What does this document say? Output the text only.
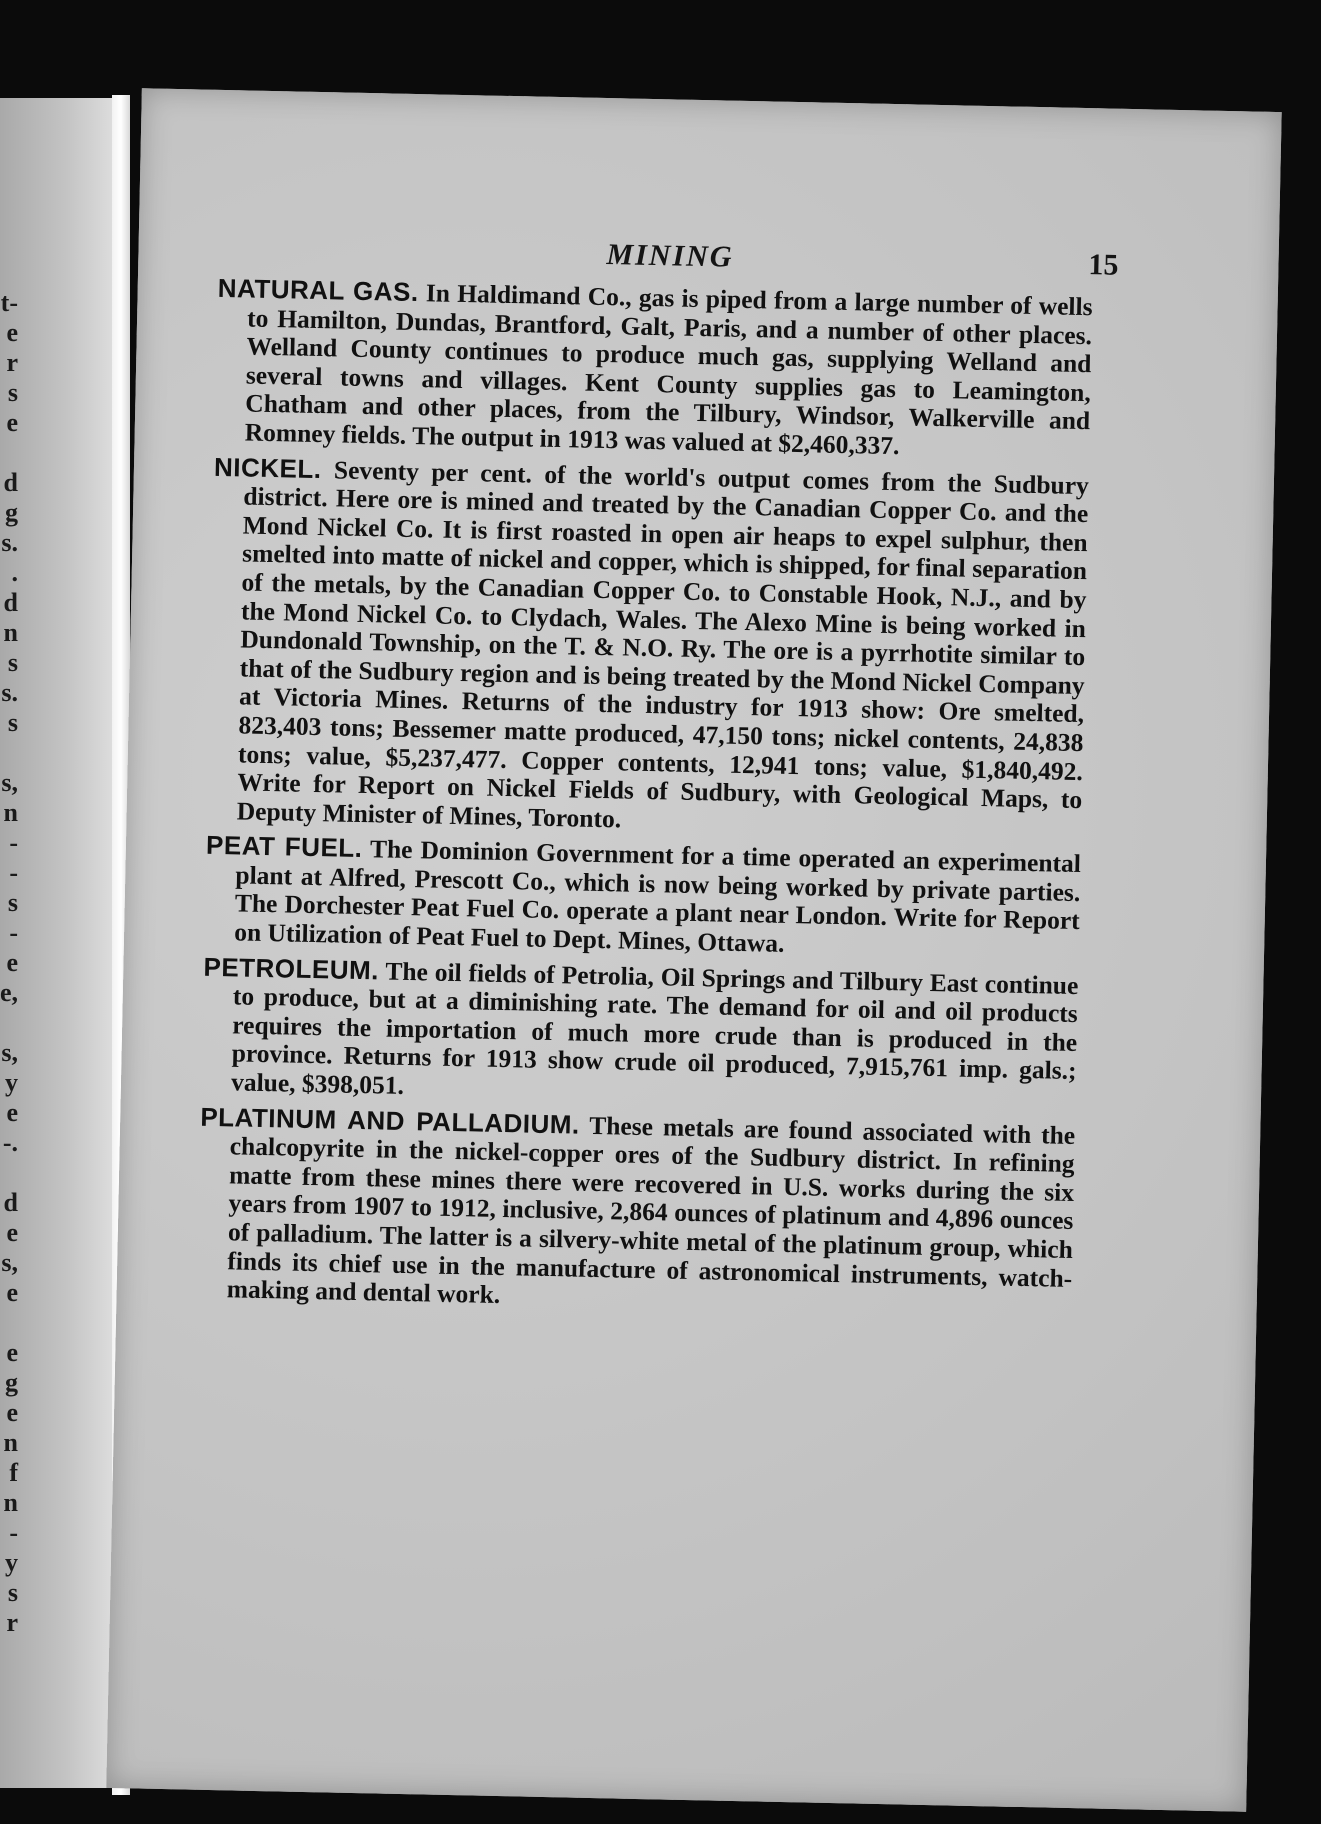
t-
e
r
s
e
d
g
s.
.
d
n
s
s.
s
s,
n
-
-
s
-
e
e,
s,
y
e
-.
d
e
s,
e
e
g
e
n
f
n
-
y
s
r
MINING	15

NATURAL GAS. In Haldimand Co., gas is piped from a large number of wells to Hamilton, Dundas, Brantford, Galt, Paris, and a number of other places. Welland County continues to produce much gas, supplying Welland and several towns and villages. Kent County supplies gas to Leamington, Chatham and other places, from the Tilbury, Windsor, Walkerville and Romney fields. The output in 1913 was valued at $2,460,337.

NICKEL. Seventy per cent. of the world's output comes from the Sudbury district. Here ore is mined and treated by the Canadian Copper Co. and the Mond Nickel Co. It is first roasted in open air heaps to expel sulphur, then smelted into matte of nickel and copper, which is shipped, for final separation of the metals, by the Canadian Copper Co. to Constable Hook, N.J., and by the Mond Nickel Co. to Clydach, Wales. The Alexo Mine is being worked in Dundonald Township, on the T. & N.O. Ry. The ore is a pyrrhotite similar to that of the Sudbury region and is being treated by the Mond Nickel Company at Victoria Mines. Returns of the industry for 1913 show: Ore smelted, 823,403 tons; Bessemer matte produced, 47,150 tons; nickel contents, 24,838 tons; value, $5,237,477. Copper contents, 12,941 tons; value, $1,840,492. Write for Report on Nickel Fields of Sudbury, with Geological Maps, to Deputy Minister of Mines, Toronto.

PEAT FUEL. The Dominion Government for a time operated an experimental plant at Alfred, Prescott Co., which is now being worked by private parties. The Dorchester Peat Fuel Co. operate a plant near London. Write for Report on Utilization of Peat Fuel to Dept. Mines, Ottawa.

PETROLEUM. The oil fields of Petrolia, Oil Springs and Tilbury East continue to produce, but at a diminishing rate. The demand for oil and oil products requires the importation of much more crude than is produced in the province. Returns for 1913 show crude oil produced, 7,915,761 imp. gals.; value, $398,051.

PLATINUM AND PALLADIUM. These metals are found associated with the chalcopyrite in the nickel-copper ores of the Sudbury district. In refining matte from these mines there were recovered in U.S. works during the six years from 1907 to 1912, inclusive, 2,864 ounces of platinum and 4,896 ounces of palladium. The latter is a silvery-white metal of the platinum group, which finds its chief use in the manufacture of astronomical instruments, watch-making and dental work.
